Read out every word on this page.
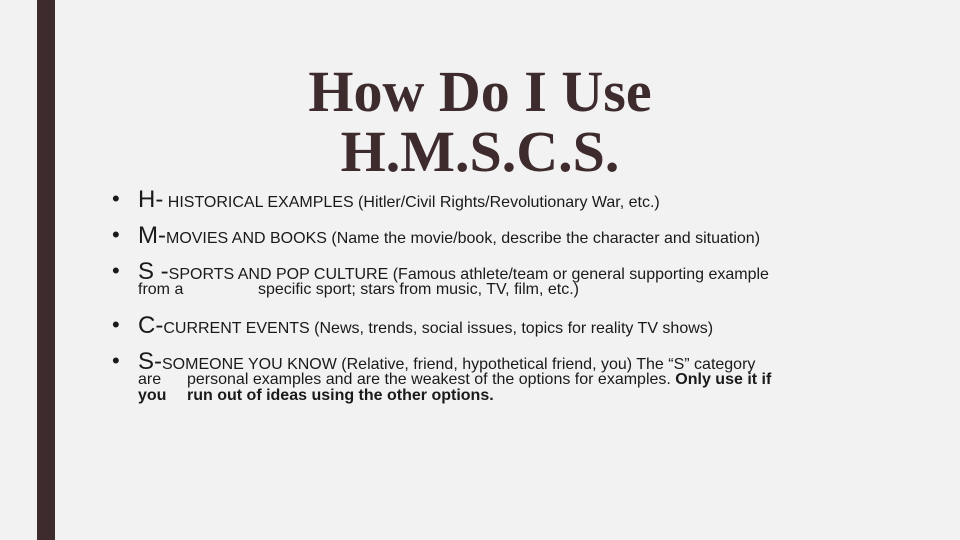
How Do I Use
H.M.S.C.S.
• H- HISTORICAL EXAMPLES (Hitler/Civil Rights/Revolutionary War, etc.)
• M-MOVIES AND BOOKS (Name the movie/book, describe the character and situation)
• S -SPORTS AND POP CULTURE (Famous athlete/team or general supporting example
from a	specific sport; stars from music, TV, film, etc.)
• C-CURRENT EVENTS (News, trends, social issues, topics for reality TV shows)
• S-SOMEONE YOU KNOW (Relative, friend, hypothetical friend, you) The “S” category
are personal examples and are the weakest of the options for examples. Only use it if
you run out of ideas using the other options.
